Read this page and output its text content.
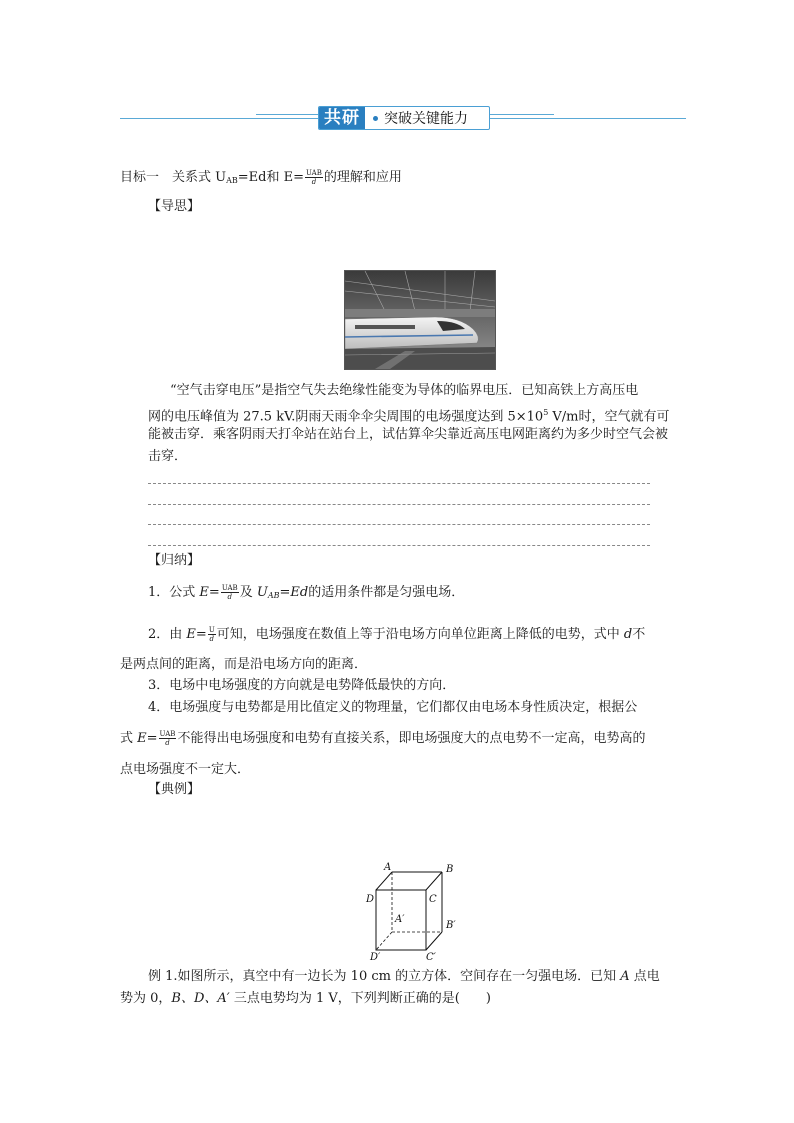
共研	突破关键能力
目标一　关系式 $U_{AB}=Ed$和 $E= \frac{\text{UAB}}{d}$ 的理解和应用
【导思】
“空气击穿电压”是指空气失去绝缘性能变为导体的临界电压．已知高铁上方高压电
网的电压峰值为 27.5 kV.阴雨天雨伞伞尖周围的电场强度达到 $5\times 10^5$ V/m时，空气就有可
能被击穿．乘客阴雨天打伞站在站台上，试估算伞尖靠近高压电网距离约为多少时空气会被
击穿．
【归纳】
1．公式 $E= \frac{\text{UAB}}{d}$ 及 $U_{AB}=Ed$的适用条件都是匀强电场．
2．由 $E= \frac{U}{d}$ 可知，电场强度在数值上等于沿电场方向单位距离上降低的电势，式中 d不
是两点间的距离，而是沿电场方向的距离．
3．电场中电场强度的方向就是电势降低最快的方向．
4．电场强度与电势都是用比值定义的物理量，它们都仅由电场本身性质决定，根据公
式 $E= \frac{\text{UAB}}{d}$ 不能得出电场强度和电势有直接关系，即电场强度大的点电势不一定高，电势高的
点电场强度不一定大．
【典例】
A	B
D	C
A′
B′
D′	C′
例 1.如图所示，真空中有一边长为 10 cm 的立方体．空间存在一匀强电场．已知 A 点电
势为 0，B、D、A′ 三点电势均为 1 V，下列判断正确的是(　　)
